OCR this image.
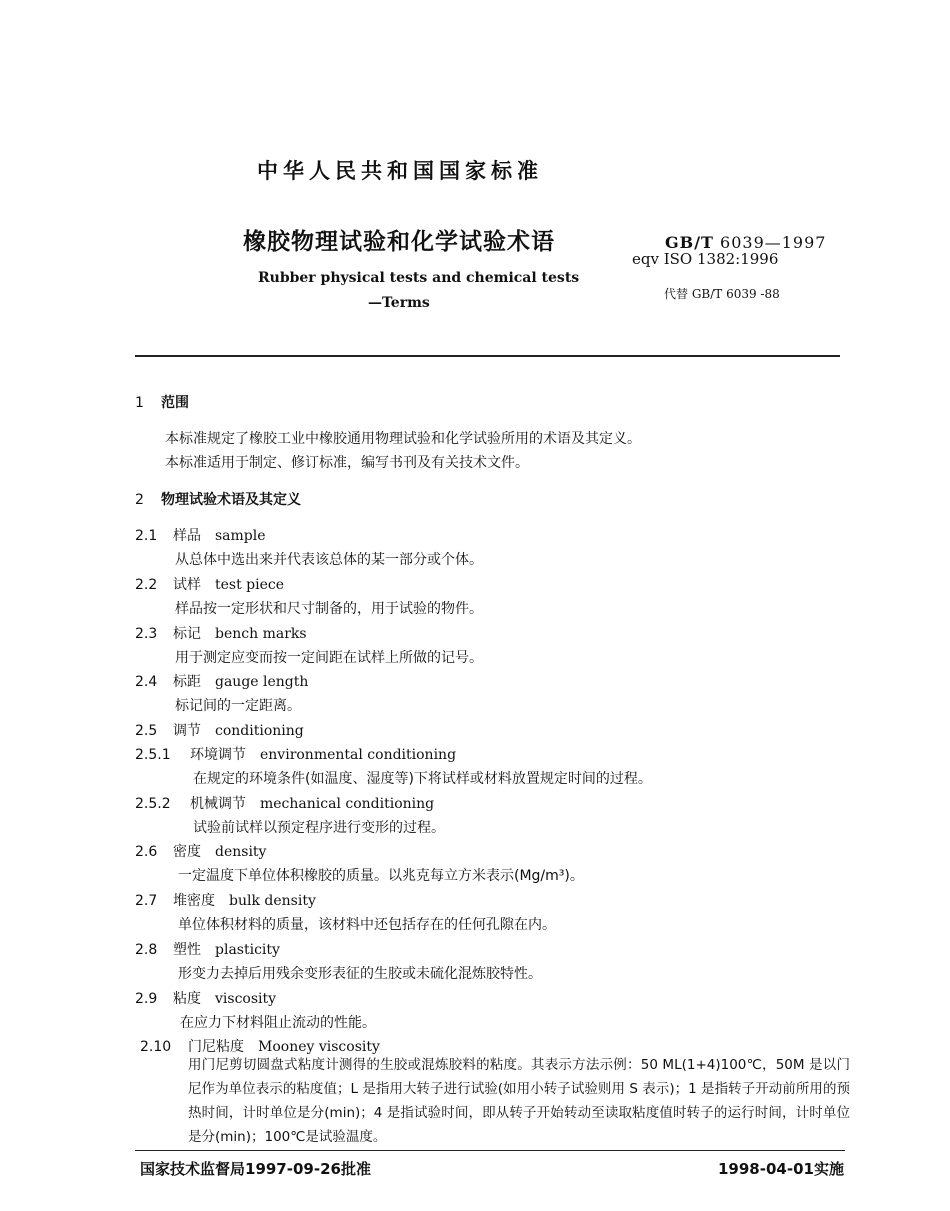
中华人民共和国国家标准
橡胶物理试验和化学试验术语
Rubber physical tests and chemical tests
—Terms
GB/T 6039—1997
eqv ISO 1382:1996
代替 GB/T 6039 -88
1 范围
本标准规定了橡胶工业中橡胶通用物理试验和化学试验所用的术语及其定义。
本标准适用于制定、修订标准，编写书刊及有关技术文件。
2 物理试验术语及其定义
2.1 样品 sample
从总体中选出来并代表该总体的某一部分或个体。
2.2 试样 test piece
样品按一定形状和尺寸制备的，用于试验的物件。
2.3 标记 bench marks
用于测定应变而按一定间距在试样上所做的记号。
2.4 标距 gauge length
标记间的一定距离。
2.5 调节 conditioning
2.5.1 环境调节 environmental conditioning
在规定的环境条件(如温度、湿度等)下将试样或材料放置规定时间的过程。
2.5.2 机械调节 mechanical conditioning
试验前试样以预定程序进行变形的过程。
2.6 密度 density
一定温度下单位体积橡胶的质量。以兆克每立方米表示(Mg/m³)。
2.7 堆密度 bulk density
单位体积材料的质量，该材料中还包括存在的任何孔隙在内。
2.8 塑性 plasticity
形变力去掉后用残余变形表征的生胶或未硫化混炼胶特性。
2.9 粘度 viscosity
在应力下材料阻止流动的性能。
2.10 门尼粘度 Mooney viscosity
用门尼剪切圆盘式粘度计测得的生胶或混炼胶料的粘度。其表示方法示例：50 ML(1+4)100℃，50M 是以门尼作为单位表示的粘度值；L 是指用大转子进行试验(如用小转子试验则用 S 表示)；1 是指转子开动前所用的预热时间，计时单位是分(min)；4 是指试验时间，即从转子开始转动至读取粘度值时转子的运行时间，计时单位是分(min)；100℃是试验温度。
国家技术监督局1997-09-26批准	1998-04-01实施
